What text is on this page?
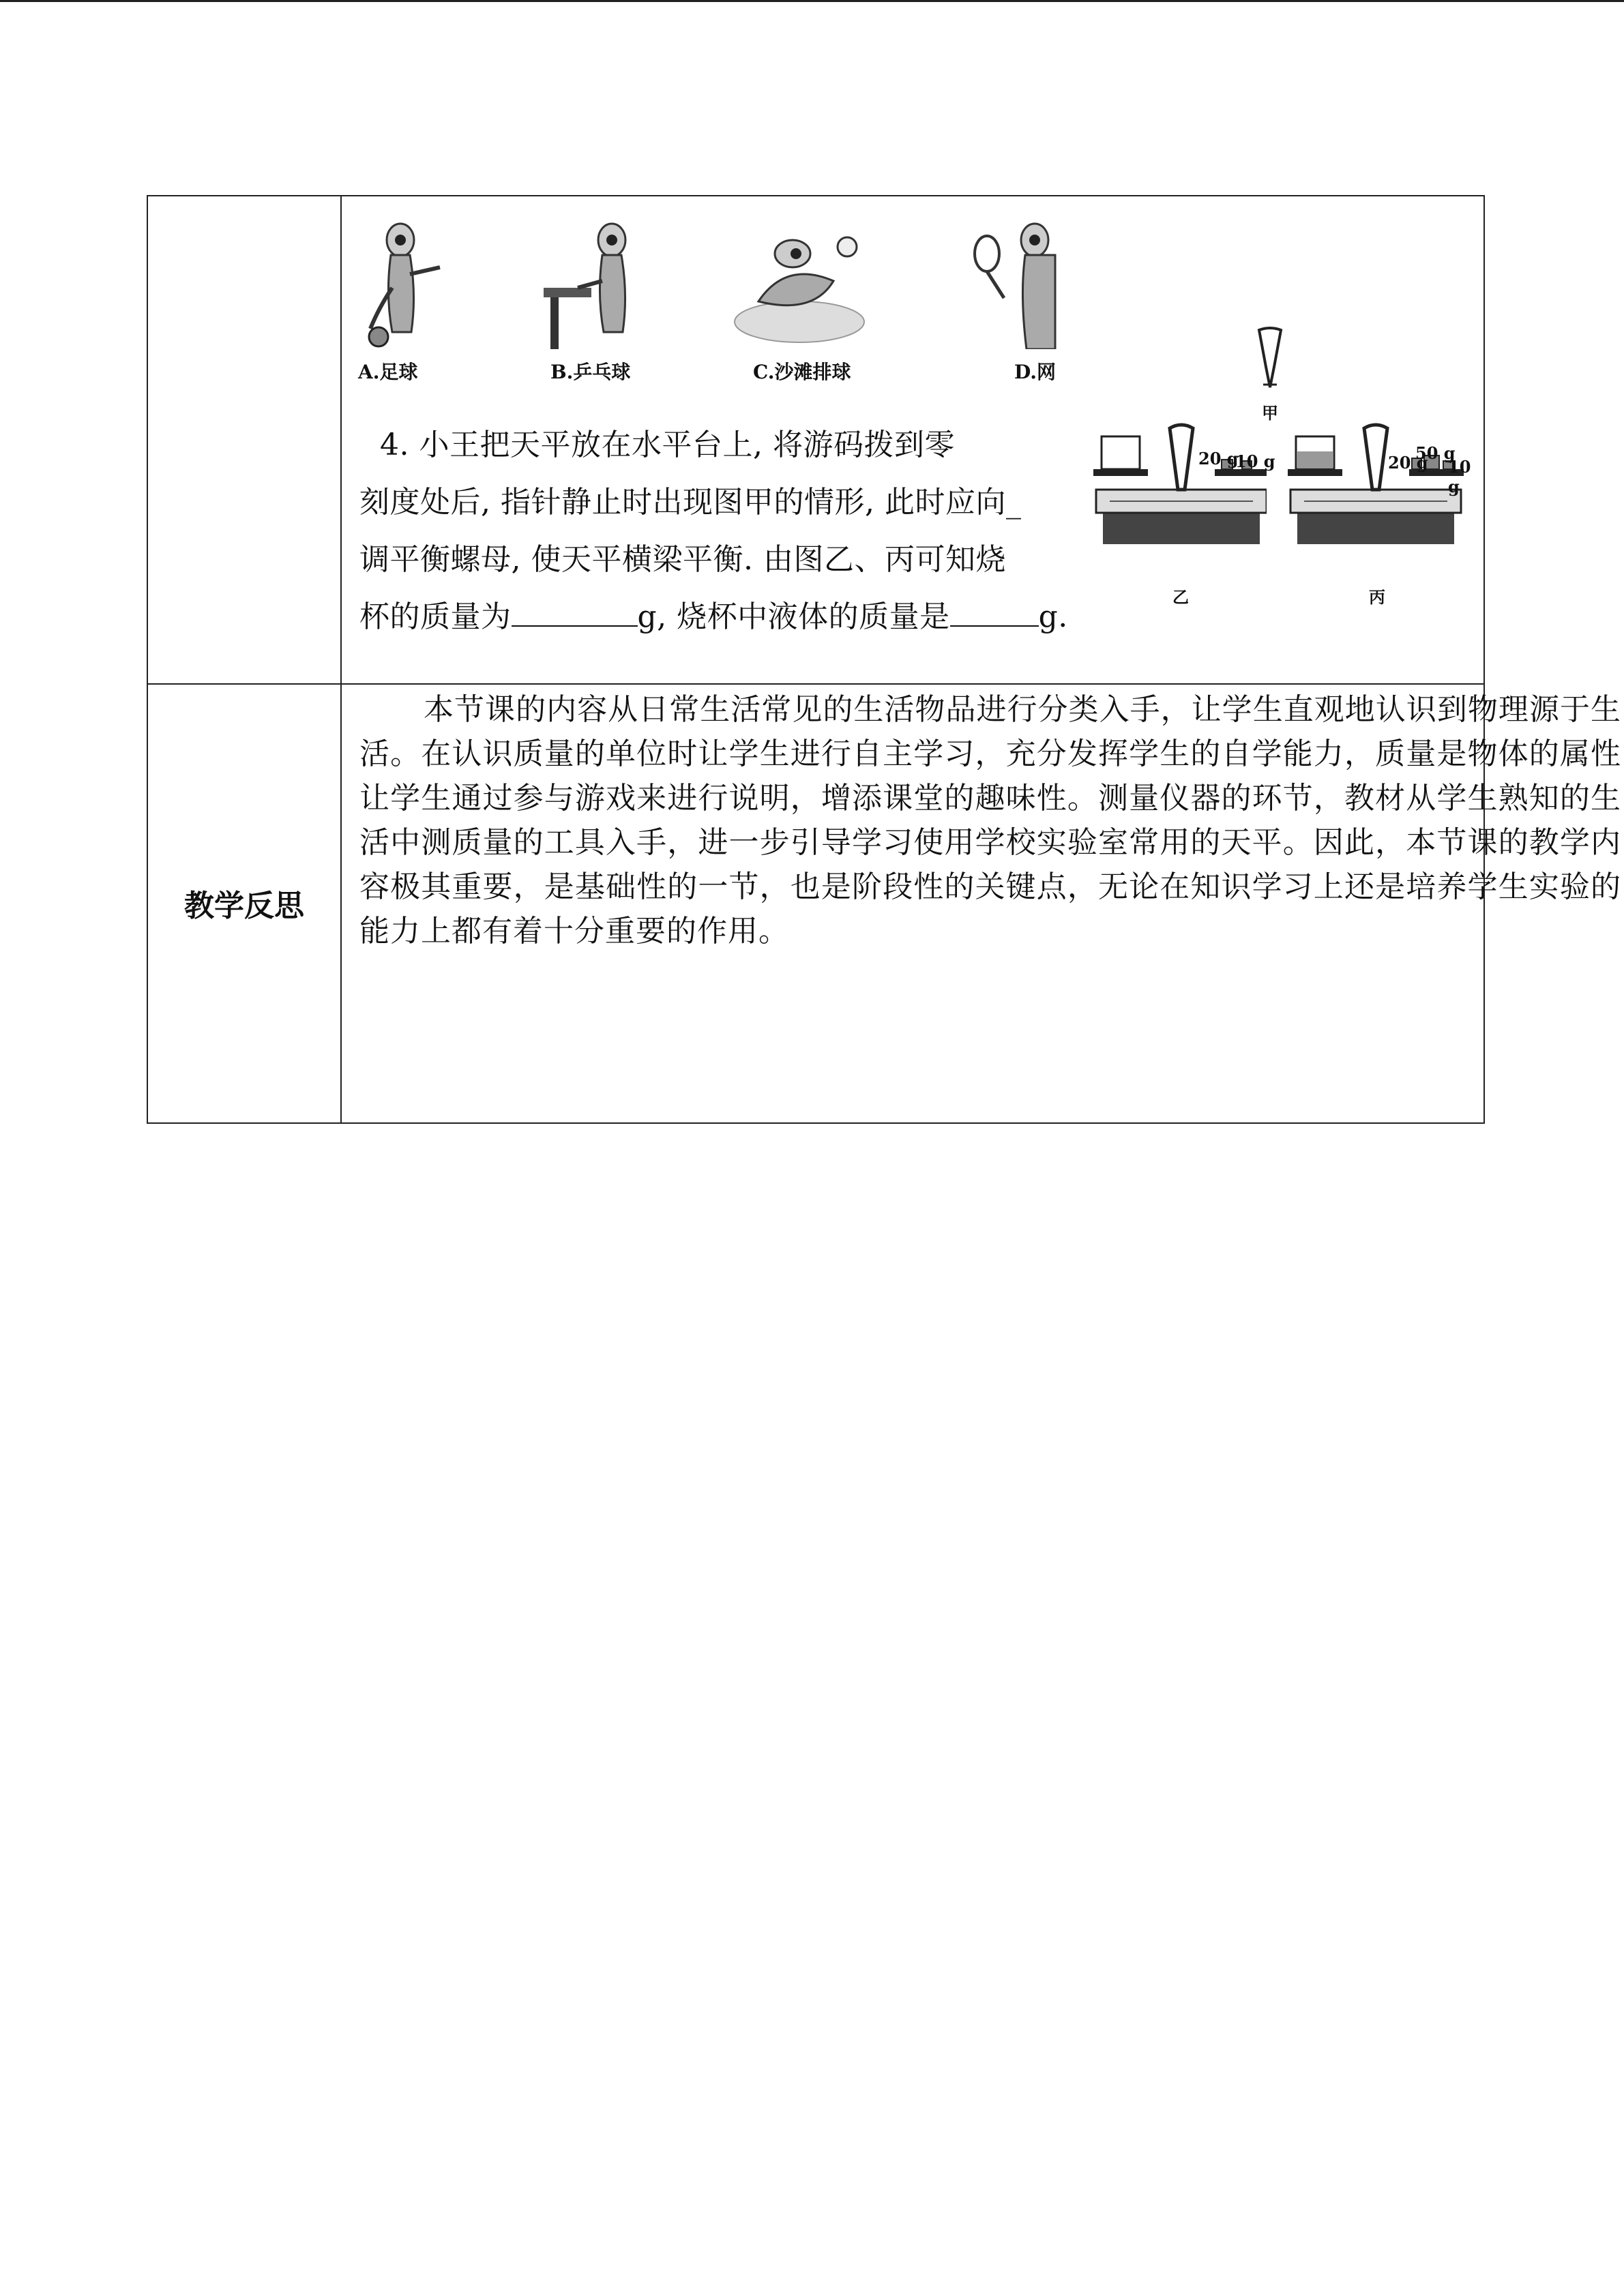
A.足球	B.乒乓球	C.沙滩排球	D.网
4. 小王把天平放在水平台上, 将游码拨到零
刻度处后, 指针静止时出现图甲的情形, 此时应向_
调平衡螺母, 使天平横梁平衡. 由图乙、丙可知烧
杯的质量为	g, 烧杯中液体的质量是	g.
甲
20 g
10 g
乙
20 g
50 g
10 g
丙
教学反思
本节课的内容从日常生活常见的生活物品进行分类入手，让学生直观地认识到物理源于生活。在认识质量的单位时让学生进行自主学习，充分发挥学生的自学能力，质量是物体的属性让学生通过参与游戏来进行说明，增添课堂的趣味性。测量仪器的环节，教材从学生熟知的生活中测质量的工具入手，进一步引导学习使用学校实验室常用的天平。因此，本节课的教学内容极其重要，是基础性的一节，也是阶段性的关键点，无论在知识学习上还是培养学生实验的能力上都有着十分重要的作用。
